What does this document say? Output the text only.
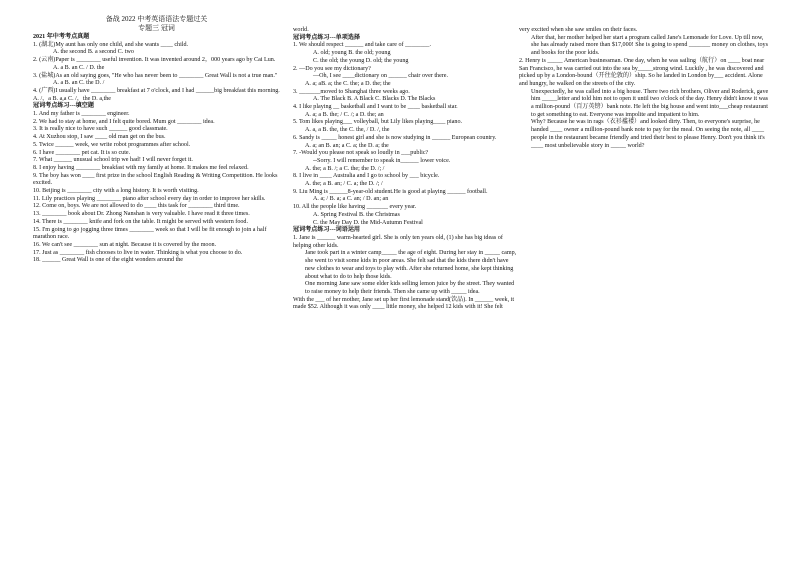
备战 2022 中考英语语法专题过关

专题三 冠词

2021 年中考考点真题

1. (湖北)My aunt has only one child, and she wants ____ child.

A. the second B. a second C. two

2. (云南)Paper is ________ useful invention. It was invented around 2，000 years ago by Cai Lun.

A. a B. an C. / D. the

3. (盐城)As an old saying goes, "He who has never been to ________ Great Wall is not a true man."

A. a B. an C. the D. /

4. (广西)I usually have ________ breakfast at 7 o'clock, and I had ______big breakfast this morning.

A. /，a B. a,a C. /，the D. a,the

冠词考点练习---填空题

1. And my father is ________ engineer.

2. We had to stay at home, and I felt quite bored. Mum got ________ idea.

3. It is really nice to have such ______ good classmate.

4. At Xuzhou stop, I saw ____ old man get on the bus.

5. Twice ______ week, we write robot programmes after school.

6. I have ________ pet cat. It is so cute.

7. What ______ unusual school trip we had! I will never forget it.

8. I enjoy having ________ breakfast with my family at home. It makes me feel relaxed.

9. The boy has won ____ first prize in the school English Reading & Writing Competition. He looks excited.

10. Beijing is ________ city with a long history. It is worth visiting.

11. Lily practices playing ________ piano after school every day in order to improve her skills.

12. Come on, boys. We are not allowed to do ____ this task for ________ third time.

13. ________ book about Dr. Zhong Nanshan is very valuable. I have read it three times.

14. There is ________ knife and fork on the table. It might be served with western food.

15. I'm going to go jogging three times ________ week so that I will be fit enough to join a half marathon race.

16. We can't see ________ sun at night. Because it is covered by the moon.

17. Just as ________ fish chooses to live in water. Thinking is what you choose to do.

18. ______ Great Wall is one of the eight wonders around the

world.

冠词考点练习---单项选择

1. We should respect ______ and take care of ________.

A. old; young B. the old; young

C. the old; the young D. old; the young

2. —Do you see my dictionary?

—Oh, I see ____dictionary on ______ chair over there.

A. a; aB. a; the C. the; a D. the; the

3. _______moved to Shanghai three weeks ago.

A. The Black B. A Black C. Blacks D. The Blacks

4. I like playing __ basketball and I want to be ____ basketball star.

A. a; a B. the; / C. /; a D. the; an

5. Tom likes playing___ volleyball, but Lily likes playing____ piano.

A. a, a B. the, the C. the, / D. /, the

6. Sandy is _____ honest girl and she is now studying in ______ European country.

A. a; an B. an; a C. a; the D. a; the

7. -Would you please not speak so loudly in ___public?

--Sorry. I will remember to speak in______ lower voice.

A. the; a B. /; a C. the; the D. /; /

8. I live in ____ Australia and I go to school by ___ bicycle.

A. the; a B. an; / C. a; the D. /; /

9. Liu Ming is ______8-year-old student.He is good at playing ______ football.

A. a; / B. a; a C. an; / D. an; an

10. All the people like having _______ every year.

A. Spring Festival B. the Christmas

C. the May Day D. the Mid-Autumn Festival

冠词考点练习---词语运用

1. Jane is ______ warm-hearted girl. She is only ten years old, (1) she has big ideas of helping other kids.

Jane took part in a winter camp_____ the age of eight. During her stay in _____ camp, she went to visit some kids in poor areas. She felt sad that the kids there didn't have new clothes to wear and toys to play with. After she returned home, she kept thinking about what to do to help those kids.

One morning Jane saw some elder kids selling lemon juice by the street. They wanted to raise money to help their friends. Then she came up with _____ idea.

With the ___ of her mother, Jane set up her first lemonade stand(饮品). In ______ week, it made $52. Although it was only ____ little money, she helped 12 kids with it! She felt

very excited when she saw smiles on their faces.

After that, her mother helped her start a program called Jane's Lemonade for Love. Up till now, she has already raised more than $17,000! She is going to spend _______ money on clothes, toys and books for the poor kids.

2. Henry is _____ American businessman. One day, when he was sailing（航行）on ____ boat near San Francisco, he was carried out into the sea by_____strong wind. Luckily , he was discovered and picked up by a London-bound（开往伦敦的）ship. So he landed in London by___ accident. Alone and hungry, he walked on the streets of the city.

Unexpectedly, he was called into a big house. There two rich brothers, Oliver and Roderick, gave him _____letter and told him not to open it until two o'clock of the day. Henry didn't know it was a million-pound（百万英镑）bank note. He left the big house and went into___cheap restaurant to get something to eat. Everyone was impolite and impatient to him.

Why? Because he was in rags（衣衫褴褛）and looked dirty. Then, to everyone's surprise, he handed ____ owner a million-pound bank note to pay for the meal. On seeing the note, all ____ people in the restaurant became friendly and tried their best to please Henry. Don't you think it's ____ most unbelievable story in _____ world?
